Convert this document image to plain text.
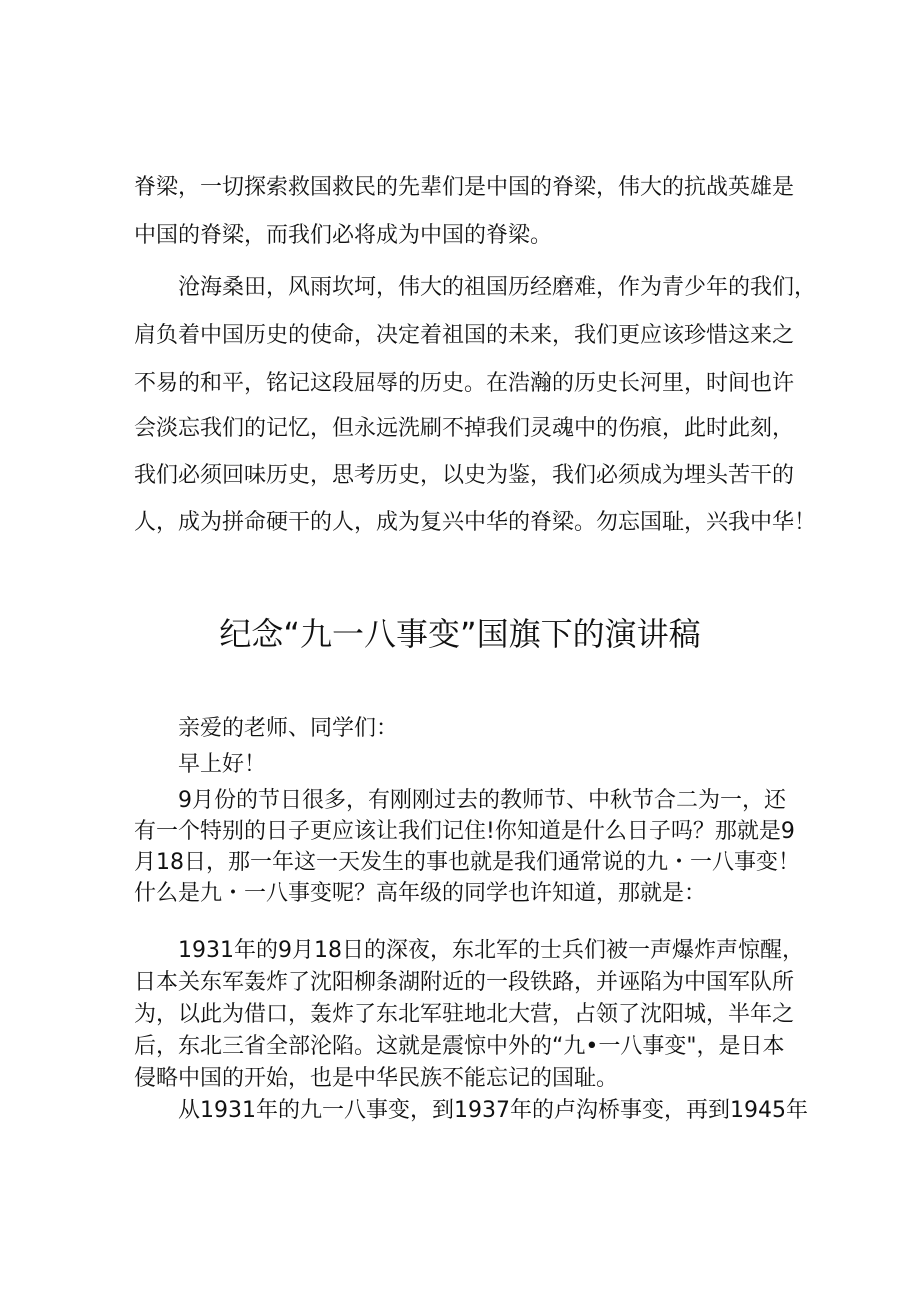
脊梁，一切探索救国救民的先辈们是中国的脊梁，伟大的抗战英雄是
中国的脊梁，而我们必将成为中国的脊梁。
沧海桑田，风雨坎坷，伟大的祖国历经磨难，作为青少年的我们，
肩负着中国历史的使命，决定着祖国的未来，我们更应该珍惜这来之
不易的和平，铭记这段屈辱的历史。在浩瀚的历史长河里，时间也许
会淡忘我们的记忆，但永远洗刷不掉我们灵魂中的伤痕，此时此刻，
我们必须回味历史，思考历史，以史为鉴，我们必须成为埋头苦干的
人，成为拼命硬干的人，成为复兴中华的脊梁。勿忘国耻，兴我中华！
纪念“九一八事变”国旗下的演讲稿
亲爱的老师、同学们：
早上好！
9月份的节日很多，有刚刚过去的教师节、中秋节合二为一，还
有一个特别的日子更应该让我们记住!你知道是什么日子吗？那就是9
月18日，那一年这一天发生的事也就是我们通常说的九・一八事变！
什么是九・一八事变呢？高年级的同学也许知道，那就是：
1931年的9月18日的深夜，东北军的士兵们被一声爆炸声惊醒，
日本关东军轰炸了沈阳柳条湖附近的一段铁路，并诬陷为中国军队所
为，以此为借口，轰炸了东北军驻地北大营，占领了沈阳城，半年之
后，东北三省全部沦陷。这就是震惊中外的“九•一八事变"，是日本
侵略中国的开始，也是中华民族不能忘记的国耻。
从1931年的九一八事变，到1937年的卢沟桥事变，再到1945年
